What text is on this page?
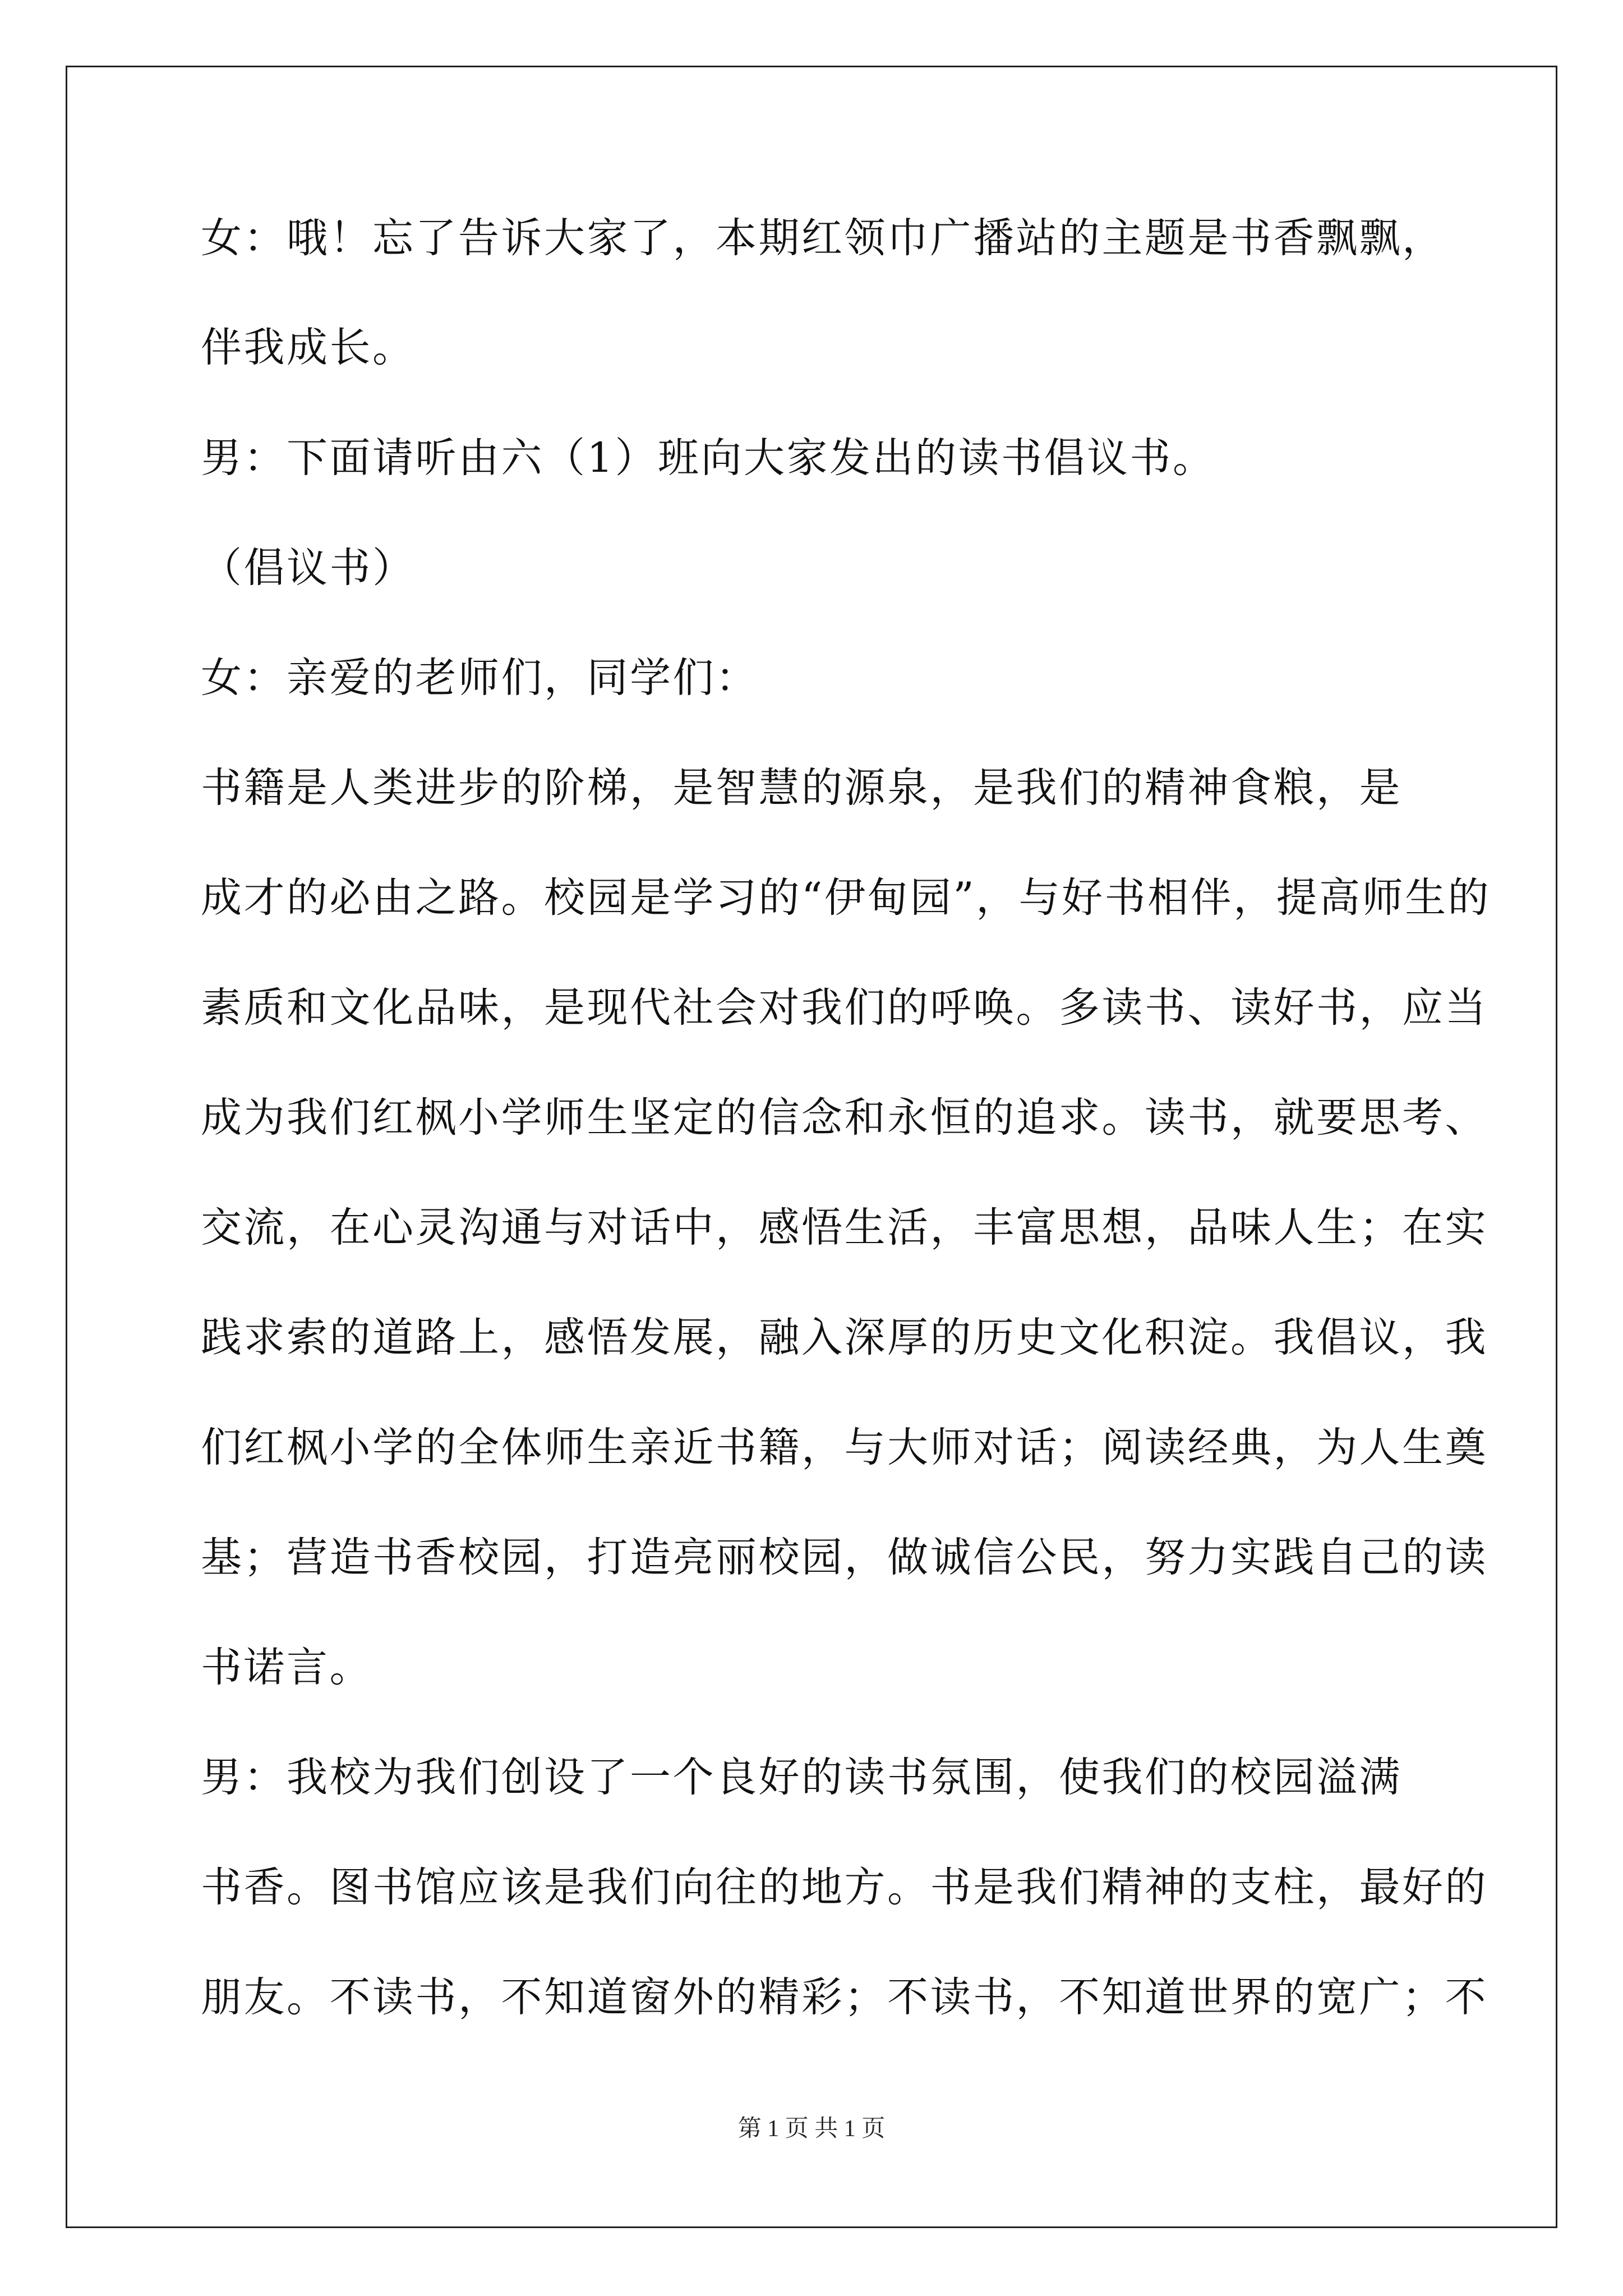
女：哦！忘了告诉大家了，本期红领巾广播站的主题是书香飘飘，
伴我成长。
男：下面请听由六（1）班向大家发出的读书倡议书。
（倡议书）
女：亲爱的老师们，同学们：
书籍是人类进步的阶梯，是智慧的源泉，是我们的精神食粮，是
成才的必由之路。校园是学习的“伊甸园”，与好书相伴，提高师生的
素质和文化品味，是现代社会对我们的呼唤。多读书、读好书，应当
成为我们红枫小学师生坚定的信念和永恒的追求。读书，就要思考、
交流，在心灵沟通与对话中，感悟生活，丰富思想，品味人生；在实
践求索的道路上，感悟发展，融入深厚的历史文化积淀。我倡议，我
们红枫小学的全体师生亲近书籍，与大师对话；阅读经典，为人生奠
基；营造书香校园，打造亮丽校园，做诚信公民，努力实践自己的读
书诺言。
男：我校为我们创设了一个良好的读书氛围，使我们的校园溢满
书香。图书馆应该是我们向往的地方。书是我们精神的支柱，最好的
朋友。不读书，不知道窗外的精彩；不读书，不知道世界的宽广；不
第 1 页 共 1 页
